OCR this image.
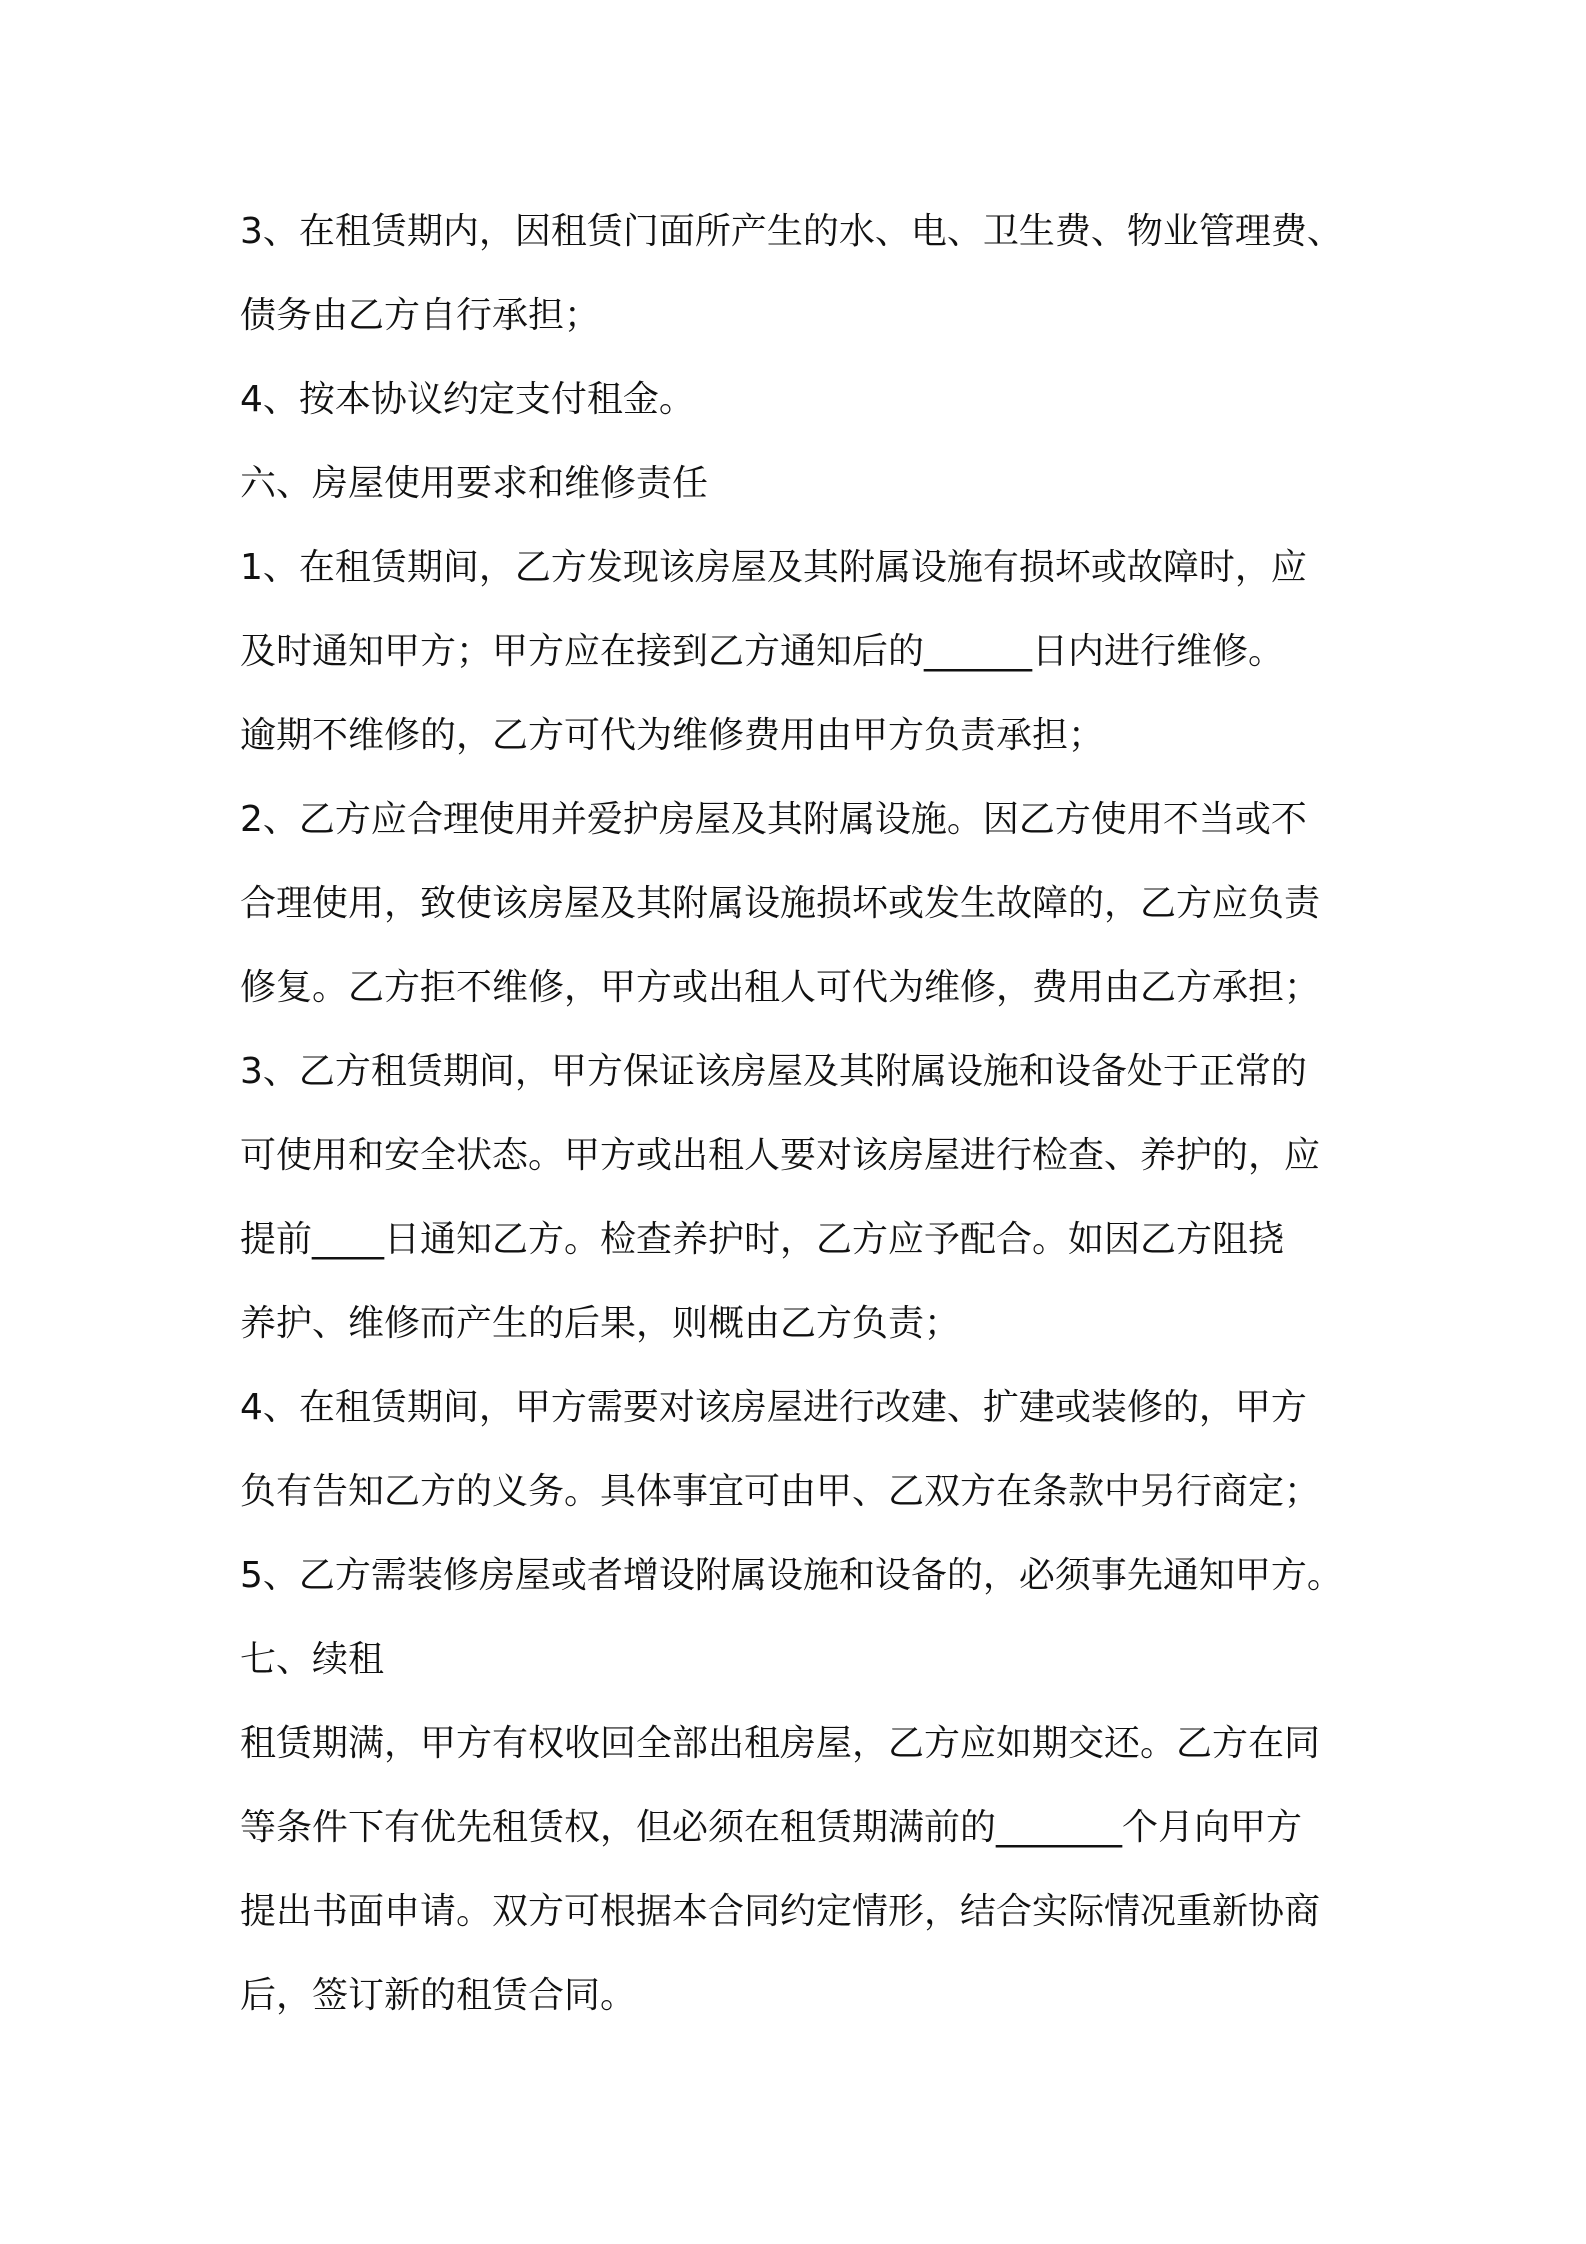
3、在租赁期内，因租赁门面所产生的水、电、卫生费、物业管理费、
债务由乙方自行承担；
4、按本协议约定支付租金。
六、房屋使用要求和维修责任
1、在租赁期间，乙方发现该房屋及其附属设施有损坏或故障时，应
及时通知甲方；甲方应在接到乙方通知后的______日内进行维修。
逾期不维修的，乙方可代为维修费用由甲方负责承担；
2、乙方应合理使用并爱护房屋及其附属设施。因乙方使用不当或不
合理使用，致使该房屋及其附属设施损坏或发生故障的，乙方应负责
修复。乙方拒不维修，甲方或出租人可代为维修，费用由乙方承担；
3、乙方租赁期间，甲方保证该房屋及其附属设施和设备处于正常的
可使用和安全状态。甲方或出租人要对该房屋进行检查、养护的，应
提前____日通知乙方。检查养护时，乙方应予配合。如因乙方阻挠
养护、维修而产生的后果，则概由乙方负责；
4、在租赁期间，甲方需要对该房屋进行改建、扩建或装修的，甲方
负有告知乙方的义务。具体事宜可由甲、乙双方在条款中另行商定；
5、乙方需装修房屋或者增设附属设施和设备的，必须事先通知甲方。
七、续租
租赁期满，甲方有权收回全部出租房屋，乙方应如期交还。乙方在同
等条件下有优先租赁权，但必须在租赁期满前的_______个月向甲方
提出书面申请。双方可根据本合同约定情形，结合实际情况重新协商
后，签订新的租赁合同。
